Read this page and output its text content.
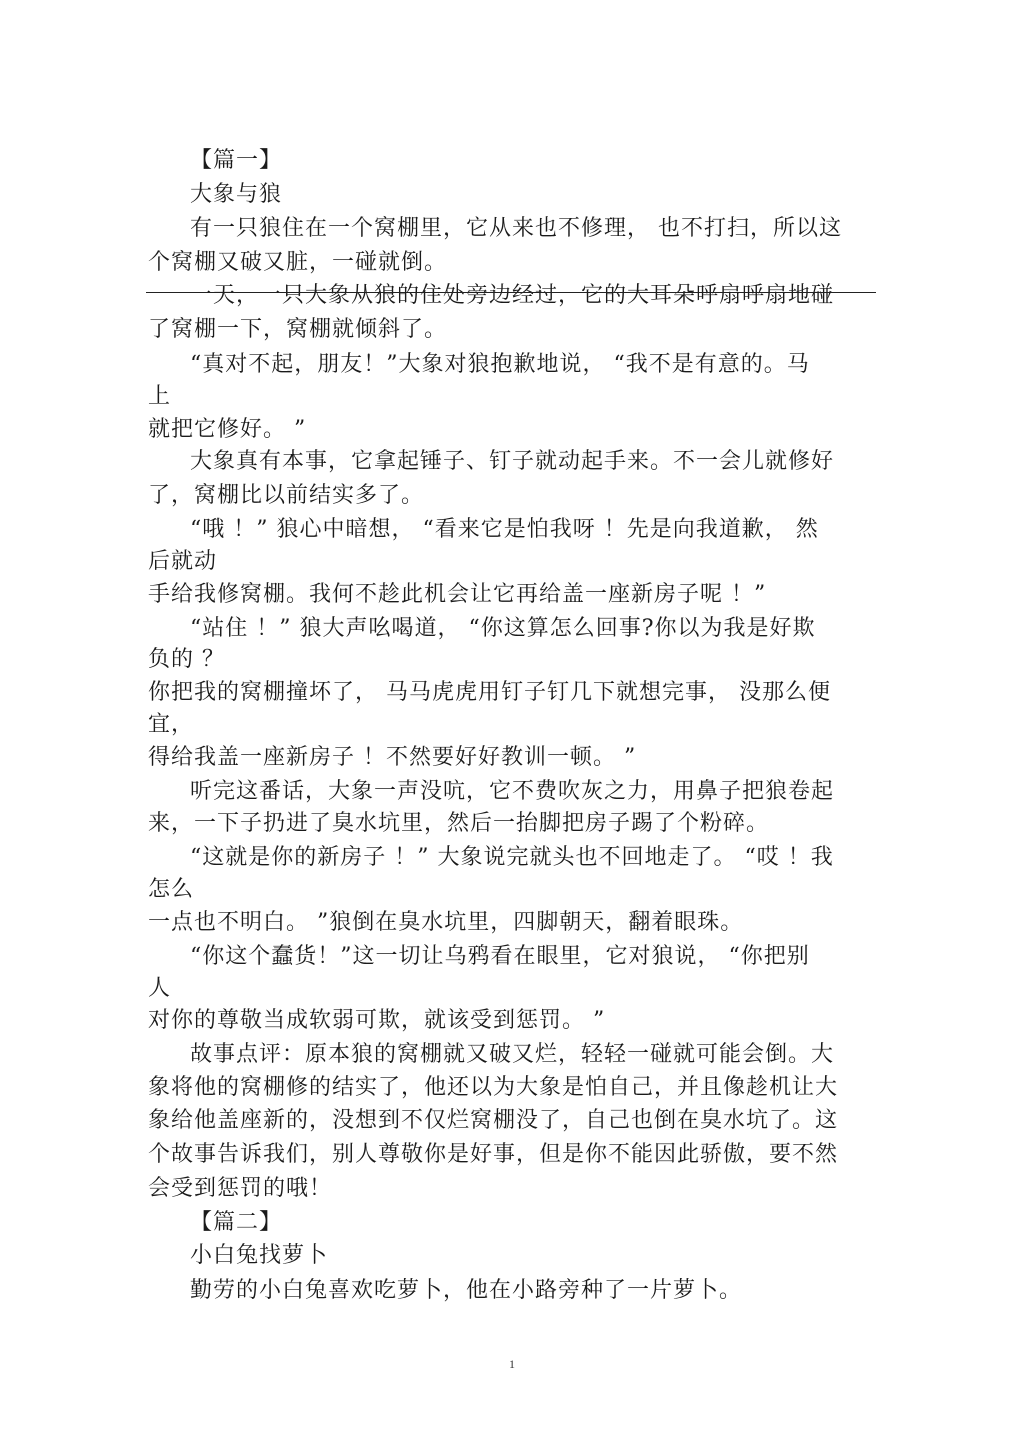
【篇一】
大象与狼
有一只狼住在一个窝棚里，它从来也不修理， 也不打扫，所以这
个窝棚又破又脏，一碰就倒。
一天，一只大象从狼的住处旁边经过，它的大耳朵呼扇呼扇地碰
了窝棚一下，窝棚就倾斜了。
“真对不起，朋友！”大象对狼抱歉地说， “我不是有意的。马
上
就把它修好。 ”
大象真有本事，它拿起锤子、钉子就动起手来。不一会儿就修好
了，窝棚比以前结实多了。
“哦 ！” 狼心中暗想， “看来它是怕我呀 ！先是向我道歉， 然
后就动
手给我修窝棚。我何不趁此机会让它再给盖一座新房子呢 ！”
“站住 ！” 狼大声吆喝道， “你这算怎么回事?你以为我是好欺
负的 ？
你把我的窝棚撞坏了， 马马虎虎用钉子钉几下就想完事， 没那么便
宜，
得给我盖一座新房子 ！不然要好好教训一顿。 ”
听完这番话，大象一声没吭，它不费吹灰之力，用鼻子把狼卷起
来，一下子扔进了臭水坑里，然后一抬脚把房子踢了个粉碎。
“这就是你的新房子 ！” 大象说完就头也不回地走了。 “哎 ！我
怎么
一点也不明白。 ”狼倒在臭水坑里，四脚朝天，翻着眼珠。
“你这个蠢货！”这一切让乌鸦看在眼里，它对狼说， “你把别
人
对你的尊敬当成软弱可欺，就该受到惩罚。 ”
故事点评：原本狼的窝棚就又破又烂，轻轻一碰就可能会倒。大
象将他的窝棚修的结实了，他还以为大象是怕自己，并且像趁机让大
象给他盖座新的，没想到不仅烂窝棚没了，自己也倒在臭水坑了。这
个故事告诉我们，别人尊敬你是好事，但是你不能因此骄傲，要不然
会受到惩罚的哦！
【篇二】
小白兔找萝卜
勤劳的小白兔喜欢吃萝卜，他在小路旁种了一片萝卜。
1
